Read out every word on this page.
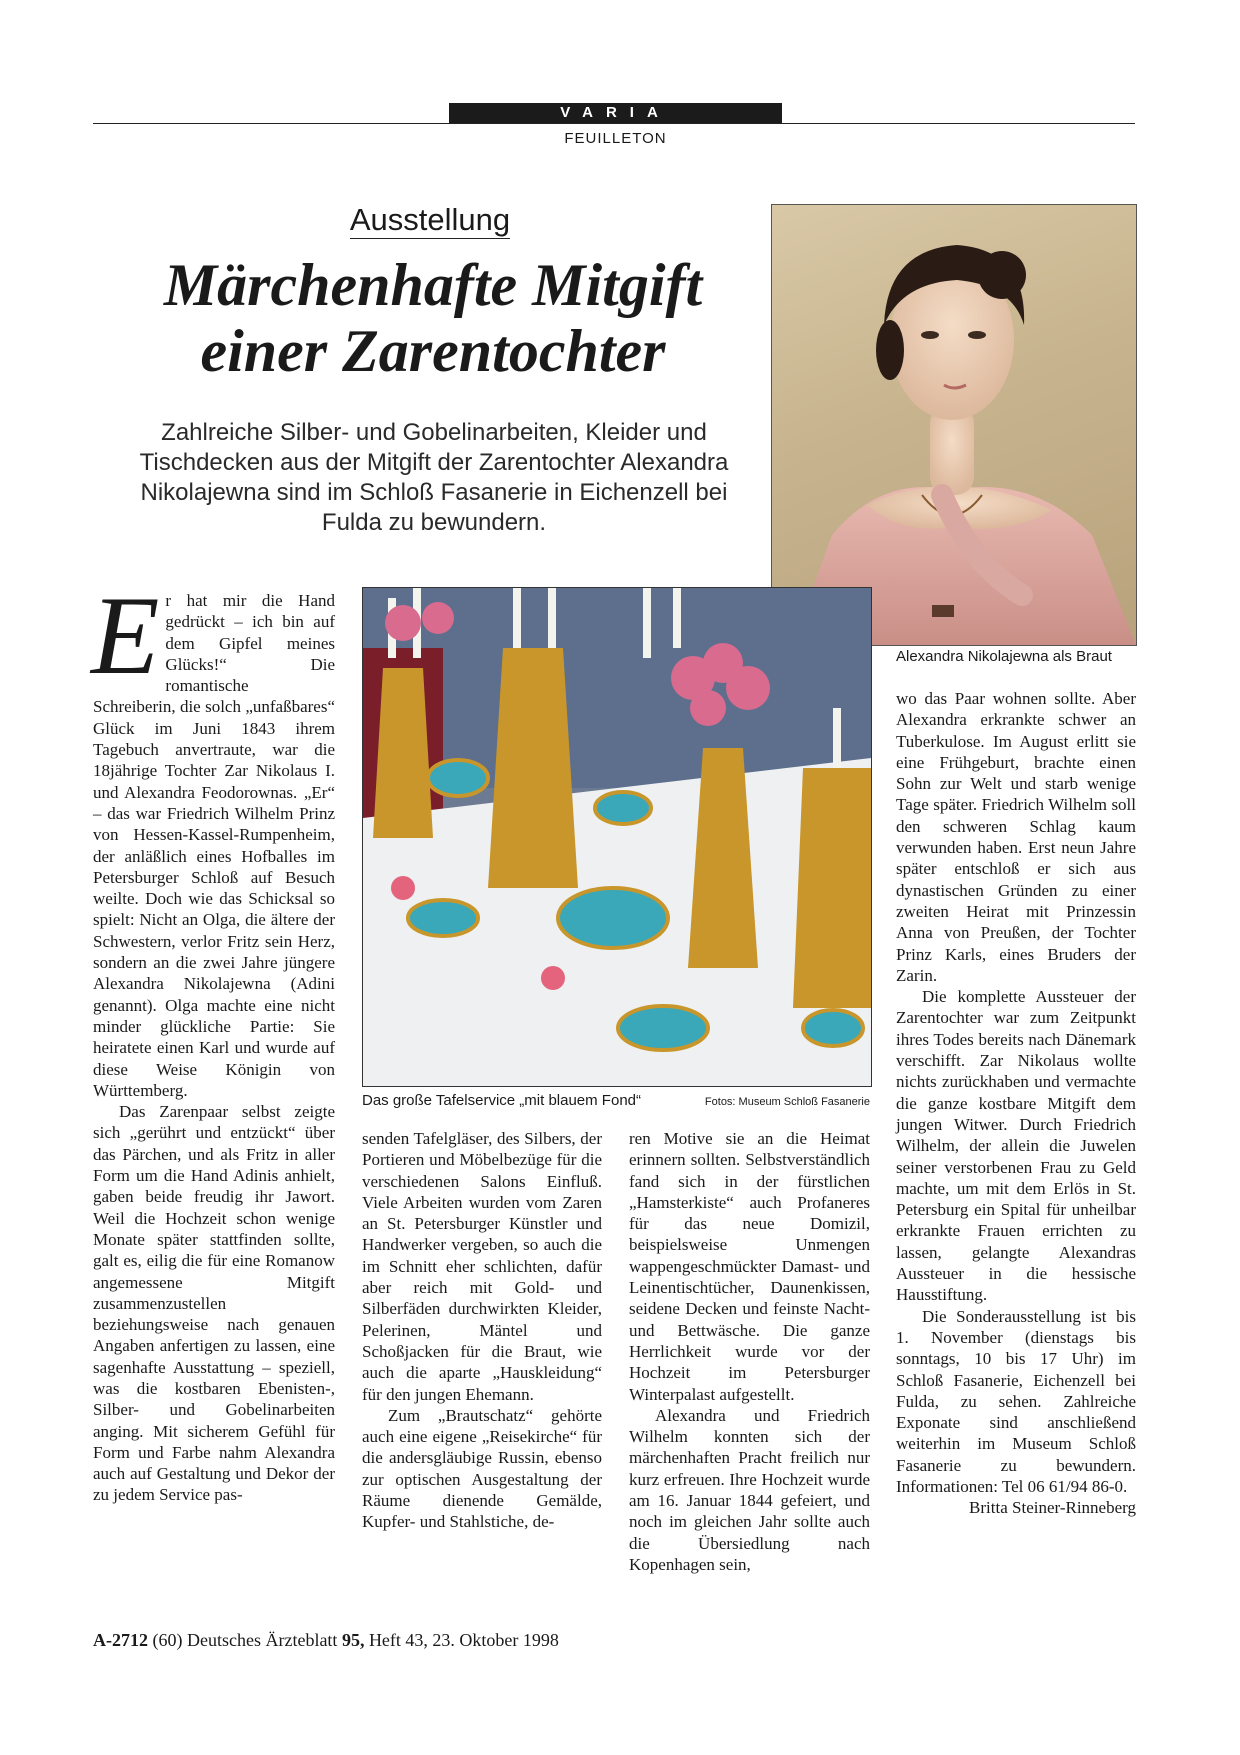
VARIA
FEUILLETON
Ausstellung
Märchenhafte Mitgift
einer Zarentochter

Zahlreiche Silber- und Gobelinarbeiten, Kleider und Tischdecken aus der Mitgift der Zarentochter Alexandra Nikolajewna sind im Schloß Fasanerie in Eichenzell bei Fulda zu bewundern.

Alexandra Nikolajewna als Braut
Das große Tafelservice „mit blauem Fond“	Fotos: Museum Schloß Fasanerie

Er hat mir die Hand gedrückt – ich bin auf dem Gipfel meines Glücks!“ Die romantische Schreiberin, die solch „unfaßbares“ Glück im Juni 1843 ihrem Tagebuch anvertraute, war die 18jährige Tochter Zar Nikolaus I. und Alexandra Feodorownas. „Er“ – das war Friedrich Wilhelm Prinz von Hessen-Kassel-Rumpenheim, der anläßlich eines Hofballes im Petersburger Schloß auf Besuch weilte. Doch wie das Schicksal so spielt: Nicht an Olga, die ältere der Schwestern, verlor Fritz sein Herz, sondern an die zwei Jahre jüngere Alexandra Nikolajewna (Adini genannt). Olga machte eine nicht minder glückliche Partie: Sie heiratete einen Karl und wurde auf diese Weise Königin von Württemberg.

Das Zarenpaar selbst zeigte sich „gerührt und entzückt“ über das Pärchen, und als Fritz in aller Form um die Hand Adinis anhielt, gaben beide freudig ihr Jawort. Weil die Hochzeit schon wenige Monate später stattfinden sollte, galt es, eilig die für eine Romanow angemessene Mitgift zusammenzustellen beziehungsweise nach genauen Angaben anfertigen zu lassen, eine sagenhafte Ausstattung – speziell, was die kostbaren Ebenisten-, Silber- und Gobelinarbeiten anging. Mit sicherem Gefühl für Form und Farbe nahm Alexandra auch auf Gestaltung und Dekor der zu jedem Service pas-

senden Tafelgläser, des Silbers, der Portieren und Möbelbezüge für die verschiedenen Salons Einfluß. Viele Arbeiten wurden vom Zaren an St. Petersburger Künstler und Handwerker vergeben, so auch die im Schnitt eher schlichten, dafür aber reich mit Gold- und Silberfäden durchwirkten Kleider, Pelerinen, Mäntel und Schoßjacken für die Braut, wie auch die aparte „Hauskleidung“ für den jungen Ehemann.

Zum „Brautschatz“ gehörte auch eine eigene „Reisekirche“ für die andersgläubige Russin, ebenso zur optischen Ausgestaltung der Räume dienende Gemälde, Kupfer- und Stahlstiche, de-

ren Motive sie an die Heimat erinnern sollten. Selbstverständlich fand sich in der fürstlichen „Hamsterkiste“ auch Profaneres für das neue Domizil, beispielsweise Unmengen wappengeschmückter Damast- und Leinentischtücher, Daunenkissen, seidene Decken und feinste Nacht- und Bettwäsche. Die ganze Herrlichkeit wurde vor der Hochzeit im Petersburger Winterpalast aufgestellt.

Alexandra und Friedrich Wilhelm konnten sich der märchenhaften Pracht freilich nur kurz erfreuen. Ihre Hochzeit wurde am 16. Januar 1844 gefeiert, und noch im gleichen Jahr sollte auch die Übersiedlung nach Kopenhagen sein,

wo das Paar wohnen sollte. Aber Alexandra erkrankte schwer an Tuberkulose. Im August erlitt sie eine Frühgeburt, brachte einen Sohn zur Welt und starb wenige Tage später. Friedrich Wilhelm soll den schweren Schlag kaum verwunden haben. Erst neun Jahre später entschloß er sich aus dynastischen Gründen zu einer zweiten Heirat mit Prinzessin Anna von Preußen, der Tochter Prinz Karls, eines Bruders der Zarin.

Die komplette Aussteuer der Zarentochter war zum Zeitpunkt ihres Todes bereits nach Dänemark verschifft. Zar Nikolaus wollte nichts zurückhaben und vermachte die ganze kostbare Mitgift dem jungen Witwer. Durch Friedrich Wilhelm, der allein die Juwelen seiner verstorbenen Frau zu Geld machte, um mit dem Erlös in St. Petersburg ein Spital für unheilbar erkrankte Frauen errichten zu lassen, gelangte Alexandras Aussteuer in die hessische Hausstiftung.

Die Sonderausstellung ist bis 1. November (dienstags bis sonntags, 10 bis 17 Uhr) im Schloß Fasanerie, Eichenzell bei Fulda, zu sehen. Zahlreiche Exponate sind anschließend weiterhin im Museum Schloß Fasanerie zu bewundern. Informationen: Tel 06 61/94 86-0.

Britta Steiner-Rinneberg

A-2712 (60) Deutsches Ärzteblatt 95, Heft 43, 23. Oktober 1998
